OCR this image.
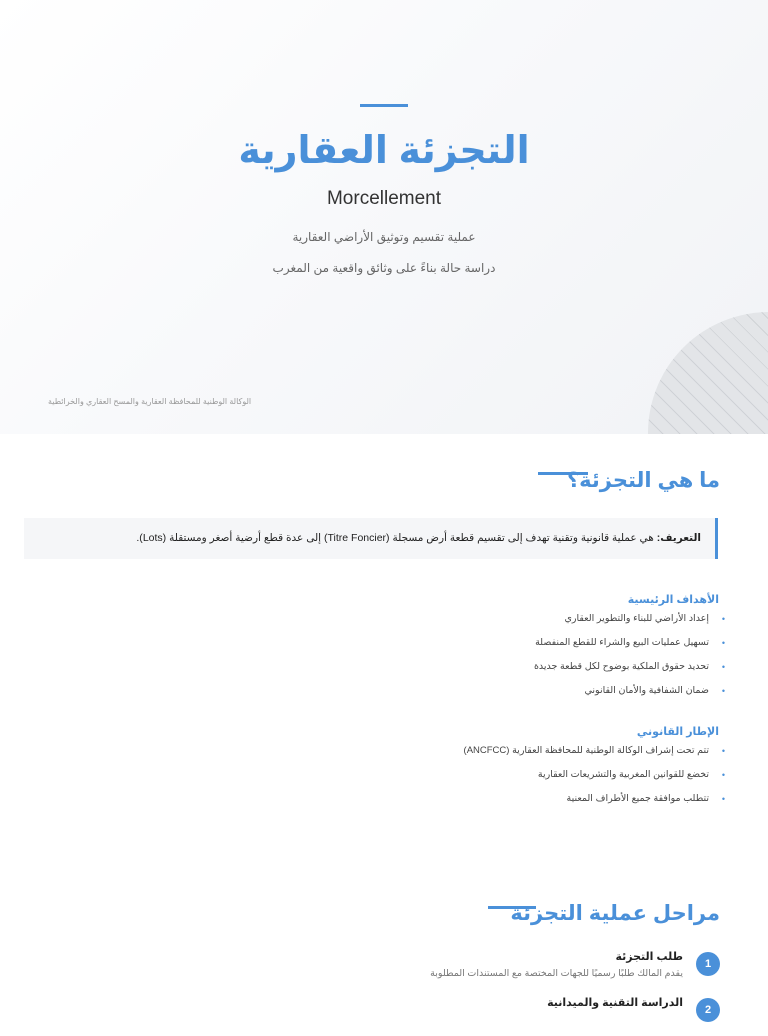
التجزئة العقارية

Morcellement

عملية تقسيم وتوثيق الأراضي العقارية

دراسة حالة بناءً على وثائق واقعية من المغرب

الوكالة الوطنية للمحافظة العقارية والمسح العقاري والخرائطية
ما هي التجزئة؟
التعريف: هي عملية قانونية وتقنية تهدف إلى تقسيم قطعة أرض مسجلة (Titre Foncier) إلى عدة قطع أرضية أصغر ومستقلة (Lots).
الأهداف الرئيسية
•
إعداد الأراضي للبناء والتطوير العقاري
•
تسهيل عمليات البيع والشراء للقطع المنفصلة
•
تحديد حقوق الملكية بوضوح لكل قطعة جديدة
•
ضمان الشفافية والأمان القانوني
الإطار القانوني
•
تتم تحت إشراف الوكالة الوطنية للمحافظة العقارية (ANCFCC)
•
تخضع للقوانين المغربية والتشريعات العقارية
•
تتطلب موافقة جميع الأطراف المعنية
مراحل عملية التجزئة
1
طلب التجزئة
يقدم المالك طلبًا رسميًا للجهات المختصة مع المستندات المطلوبة
2
الدراسة التقنية والميدانية
